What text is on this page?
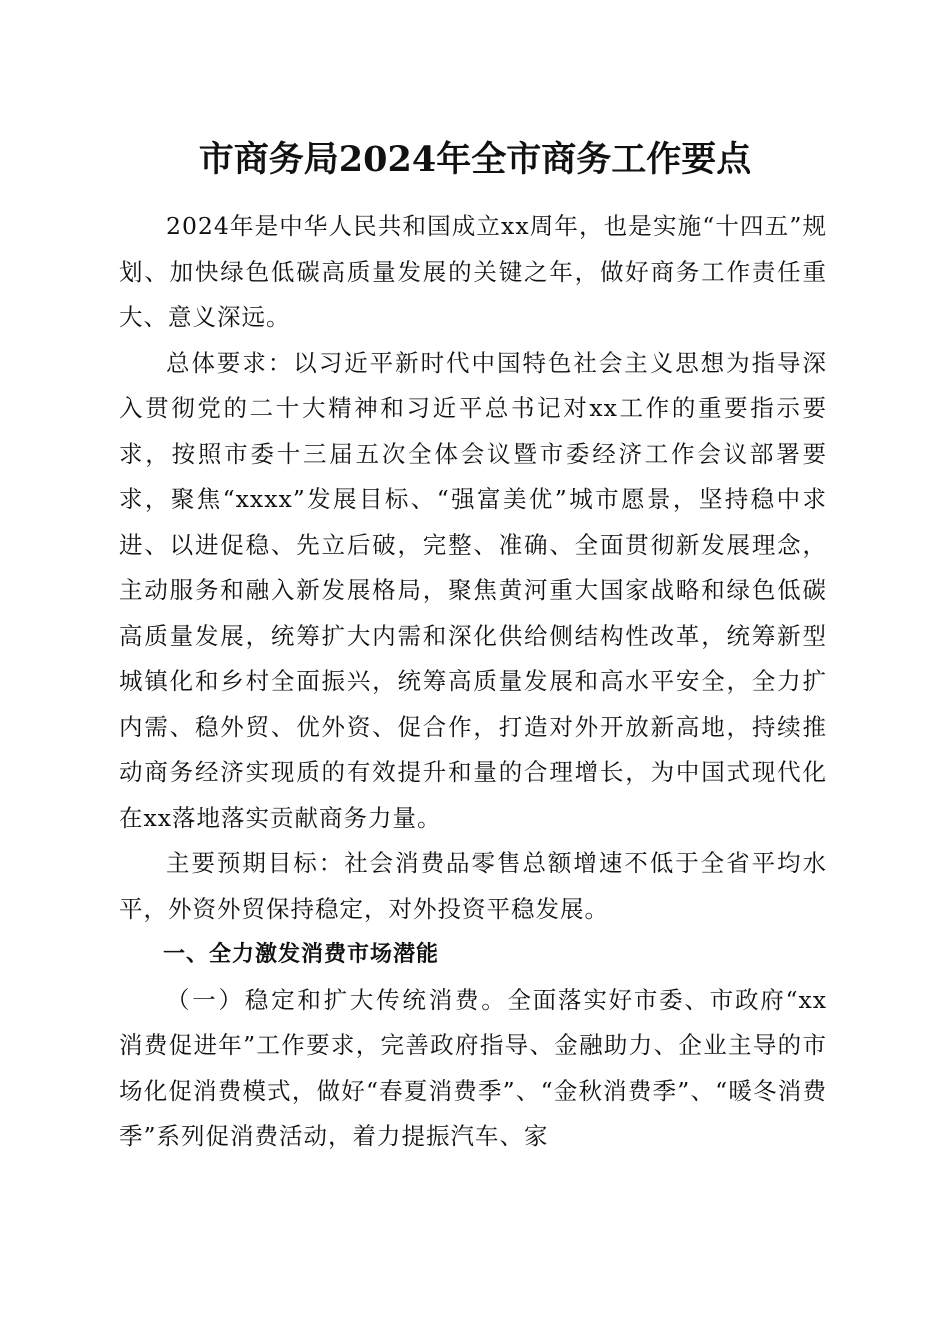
市商务局2024年全市商务工作要点

2024年是中华人民共和国成立xx周年，也是实施“十四五”规划、加快绿色低碳高质量发展的关键之年，做好商务工作责任重大、意义深远。

总体要求：以习近平新时代中国特色社会主义思想为指导深入贯彻党的二十大精神和习近平总书记对xx工作的重要指示要求，按照市委十三届五次全体会议暨市委经济工作会议部署要求，聚焦“xxxx”发展目标、“强富美优”城市愿景，坚持稳中求进、以进促稳、先立后破，完整、准确、全面贯彻新发展理念，主动服务和融入新发展格局，聚焦黄河重大国家战略和绿色低碳高质量发展，统筹扩大内需和深化供给侧结构性改革，统筹新型城镇化和乡村全面振兴，统筹高质量发展和高水平安全，全力扩内需、稳外贸、优外资、促合作，打造对外开放新高地，持续推动商务经济实现质的有效提升和量的合理增长，为中国式现代化在xx落地落实贡献商务力量。

主要预期目标：社会消费品零售总额增速不低于全省平均水平，外资外贸保持稳定，对外投资平稳发展。

一、全力激发消费市场潜能

（一）稳定和扩大传统消费。全面落实好市委、市政府“xx消费促进年”工作要求，完善政府指导、金融助力、企业主导的市场化促消费模式，做好“春夏消费季”、“金秋消费季”、“暖冬消费季”系列促消费活动，着力提振汽车、家
